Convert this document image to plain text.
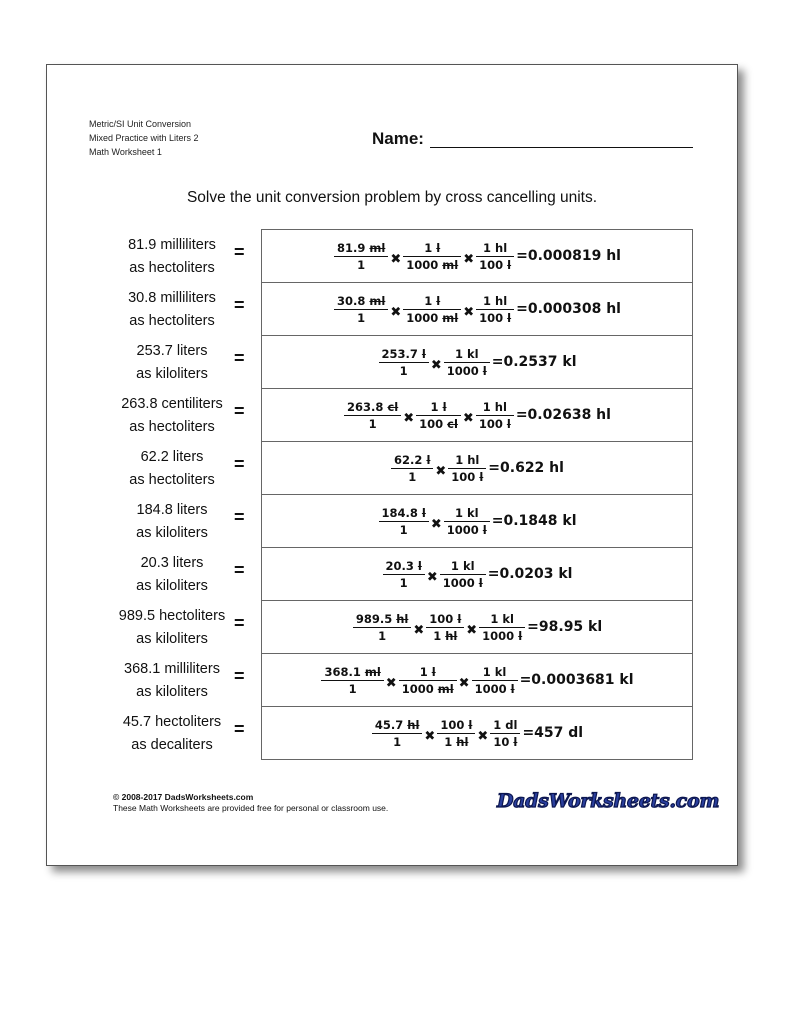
Metric/SI Unit Conversion
Mixed Practice with Liters 2
Math Worksheet 1
Name:
Solve the unit conversion problem by cross cancelling units.
81.9 milliliters
as hectoliters
=	$\frac{81.9 ml}{1}$ ✖ $\frac{1 l}{1000 ml}$ ✖ $\frac{1 hl}{100 l} =0.000819$ hl
30.8 milliliters
as hectoliters
=	$\frac{30.8 ml}{1}$ ✖ $\frac{1 l}{1000 ml}$ ✖ $\frac{1 hl}{100 l} =0.000308$ hl
253.7 liters
as kiloliters
=	$\frac{253.7 l}{1}$ ✖ $\frac{1 kl}{1000 l} =0.2537$ kl
263.8 centiliters
as hectoliters
=	$\frac{263.8 cl}{1}$ ✖ $\frac{1 l}{100 cl}$ ✖ $\frac{1 hl}{100 l} =0.02638$ hl
62.2 liters
as hectoliters
=	$\frac{62.2 l}{1}$ ✖ $\frac{1 hl}{100 l} =0.622$ hl
184.8 liters
as kiloliters
=	$\frac{184.8 l}{1}$ ✖ $\frac{1 kl}{1000 l} =0.1848$ kl
20.3 liters
as kiloliters
=	$\frac{20.3 l}{1}$ ✖ $\frac{1 kl}{1000 l} =0.0203$ kl
989.5 hectoliters
as kiloliters
=	$\frac{989.5 hl}{1}$ ✖ $\frac{100 l}{1 hl}$ ✖ $\frac{1 kl}{1000 l} =98.95$ kl
368.1 milliliters
as kiloliters
=	$\frac{368.1 ml}{1}$ ✖ $\frac{1 l}{1000 ml}$ ✖ $\frac{1 kl}{1000 l} =0.0003681$ kl
45.7 hectoliters
as decaliters
=	$\frac{45.7 hl}{1}$ ✖ $\frac{100 l}{1 hl}$ ✖ $\frac{1 dl}{10 l} =457$ dl
© 2008-2017 DadsWorksheets.com
These Math Worksheets are provided free for personal or classroom use.	DadsWorksheets.com
